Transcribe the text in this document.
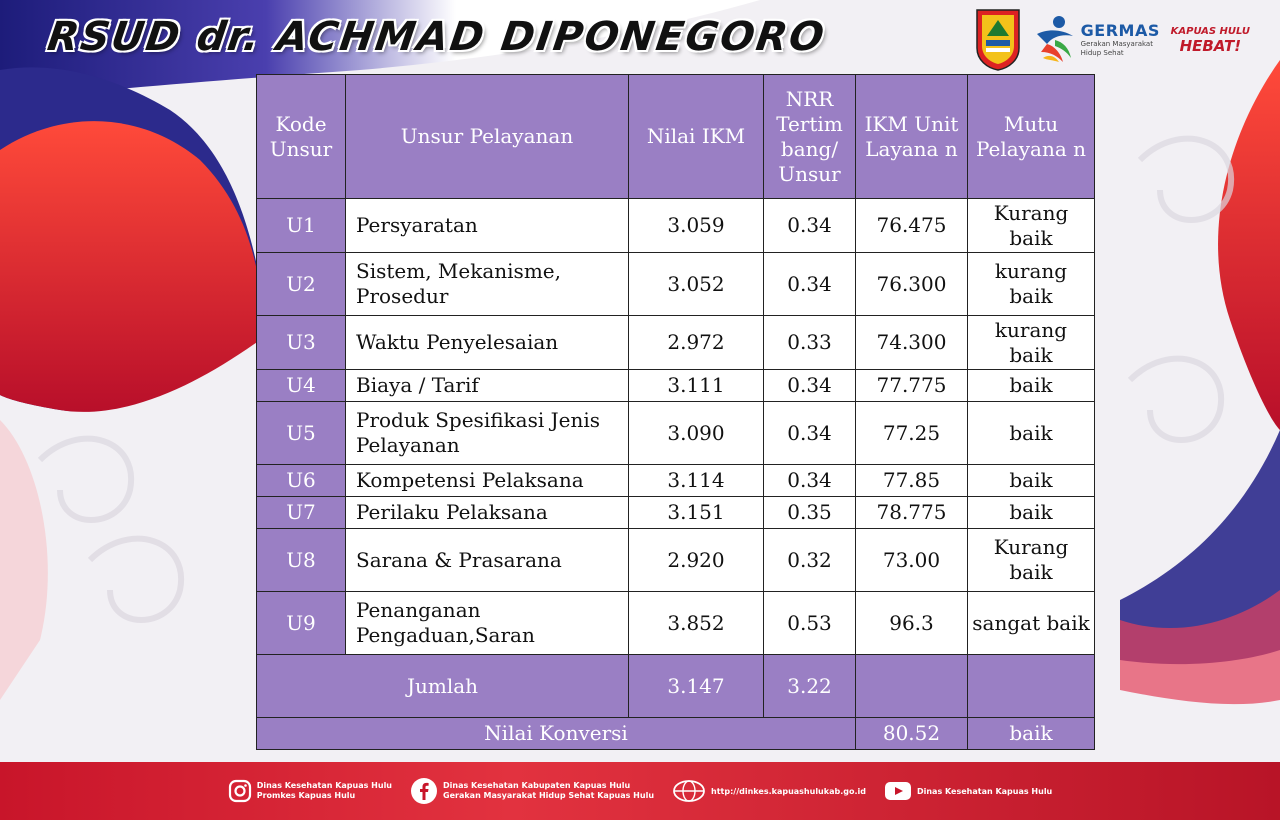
RSUD dr. ACHMAD DIPONEGORO	GERMAS
Gerakan Masyarakat Hidup Sehat
KAPUAS HULU
HEBAT!
Kode Unsur	Unsur Pelayanan	Nilai IKM	NRR Tertim bang/ Unsur	IKM Unit Layana n	Mutu Pelayana n
U1	Persyaratan	3.059	0.34	76.475	Kurang baik
U2	Sistem, Mekanisme, Prosedur	3.052	0.34	76.300	kurang baik
U3	Waktu Penyelesaian	2.972	0.33	74.300	kurang baik
U4	Biaya / Tarif	3.111	0.34	77.775	baik
U5	Produk Spesifikasi Jenis Pelayanan	3.090	0.34	77.25	baik
U6	Kompetensi Pelaksana	3.114	0.34	77.85	baik
U7	Perilaku Pelaksana	3.151	0.35	78.775	baik
U8	Sarana & Prasarana	2.920	0.32	73.00	Kurang baik
U9	Penanganan Pengaduan,Saran	3.852	0.53	96.3	sangat baik
Jumlah		3.147	3.22		
Nilai Konversi				80.52	baik
Dinas Kesehatan Kapuas Hulu
Promkes Kapuas Hulu
Dinas Kesehatan Kabupaten Kapuas Hulu
Gerakan Masyarakat Hidup Sehat Kapuas Hulu	http://dinkes.kapuashulukab.go.id	Dinas Kesehatan Kapuas Hulu
